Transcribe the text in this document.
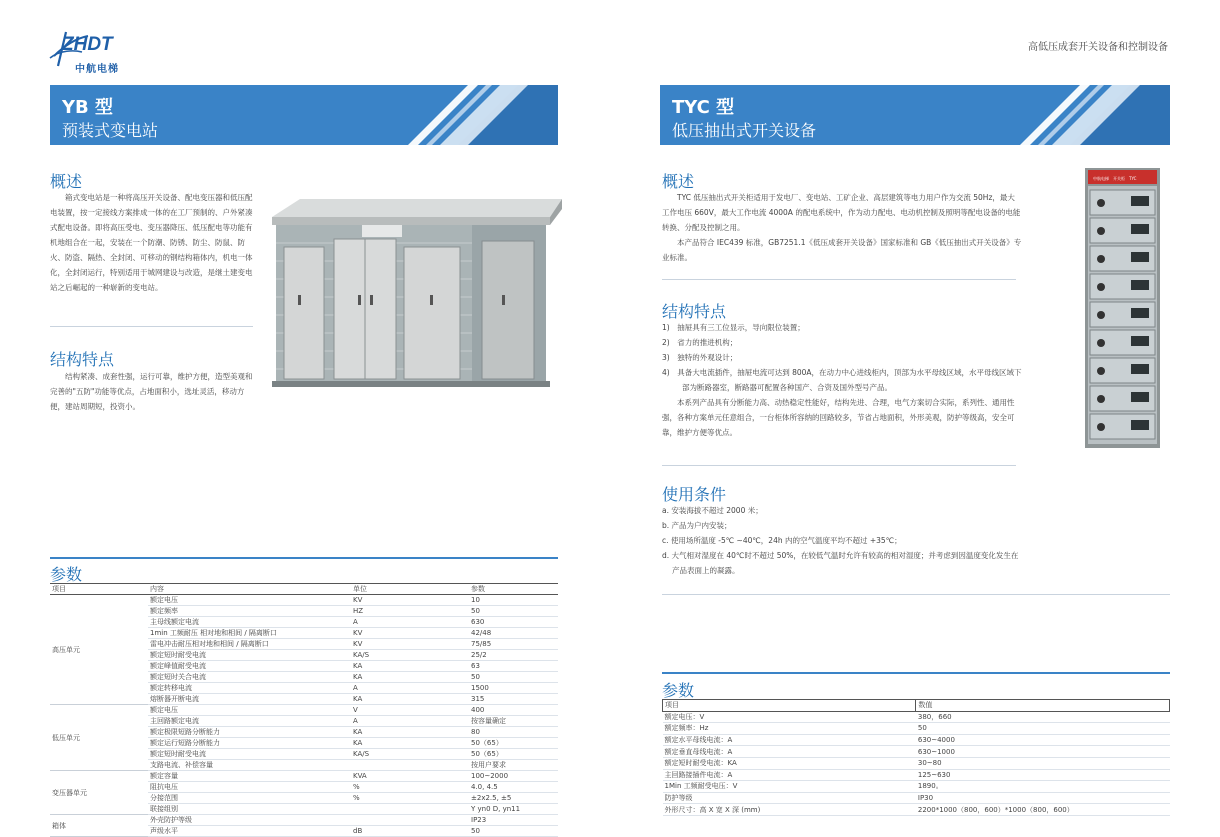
ZHDT
中航电梯
高低压成套开关设备和控制设备
YB 型
预装式变电站
TYC 型
低压抽出式开关设备
概述

箱式变电站是一种将高压开关设备、配电变压器和低压配电装置，按一定接线方案排成一体的在工厂预制的、户外紧凑式配电设备。即将高压受电、变压器降压、低压配电等功能有机地组合在一起，安装在一个防潮、防锈、防尘、防鼠、防火、防盗、隔热、全封闭、可移动的钢结构箱体内，机电一体化，全封闭运行，特别适用于城网建设与改造，是继土建变电站之后崛起的一种崭新的变电站。

结构特点

结构紧凑、成套性强，运行可靠，维护方便，造型美观和完善的"五防"功能等优点，占地面积小，选址灵活，移动方便，建站周期短，投资小。

概述

TYC 低压抽出式开关柜适用于发电厂、变电站、工矿企业、高层建筑等电力用户作为交流 50Hz，最大工作电压 660V，最大工作电流 4000A 的配电系统中，作为动力配电、电动机控制及照明等配电设备的电能转换、分配及控制之用。

本产品符合 IEC439 标准，GB7251.1《低压成套开关设备》国家标准和 GB《低压抽出式开关设备》专业标准。

结构特点

1)　抽屉具有三工位显示，导向限位装置；

2)　省力的推进机构；

3)　独特的外观设计；

4)　具备大电流插件，抽屉电流可达到 800A，在动力中心进线柜内，顶部为水平母线区域，水平母线区域下部为断路器室，断路器可配置各种国产、合资及国外型号产品。

本系列产品具有分断能力高、动热稳定性能好，结构先进、合理，电气方案切合实际，系列性、通用性强，各种方案单元任意组合，一台柜体所容纳的回路较多，节省占地面积，外形美观，防护等级高，安全可靠，维护方便等优点。

使用条件

a. 安装海拔不超过 2000 米；

b. 产品为户内安装；

c. 使用场所温度 -5℃ ~40℃，24h 内的空气温度平均不超过 +35℃；

d. 大气相对湿度在 40℃时不超过 50%，在较低气温时允许有较高的相对湿度；并考虑到因温度变化发生在产品表面上的凝露。

中航电梯　开关柜　TYC
参数
项目	内容	单位	参数
高压单元	额定电压	KV	10
	额定频率	HZ	50
	主母线额定电流	A	630
	1min 工频耐压 相对地和相间 / 隔离断口	KV	42/48
	雷电冲击耐压相对地和相间 / 隔离断口	KV	75/85
	额定短时耐受电流	KA/S	25/2
	额定峰值耐受电流	KA	63
	额定短时关合电流	KA	50
	额定转移电流	A	1500
	熔断器开断电流	KA	315
低压单元	额定电压	V	400
	主回路额定电流	A	按容量确定
	额定极限短路分断能力	KA	80
	额定运行短路分断能力	KA	50（65）
	额定短时耐受电流	KA/S	50（65）
	支路电流、补偿容量		按用户要求
变压器单元	额定容量	KVA	100~2000
	阻抗电压	%	4.0, 4.5
	分接范围	%	±2x2.5, ±5
	联接组别		Y yn0 D, yn11
箱体	外壳防护等级		IP23
	声级水平	dB	50
参数
项目	数值
额定电压：V	380，660
额定频率：Hz	50
额定水平母线电流：A	630~4000
额定垂直母线电流：A	630~1000
额定短时耐受电流：KA	30~80
主回路接插件电流：A	125~630
1Min 工频耐受电压：V	1890。
防护等级	IP30
外形尺寸：高 X 宽 X 深 (mm)	2200*1000（800，600）*1000（800，600）
